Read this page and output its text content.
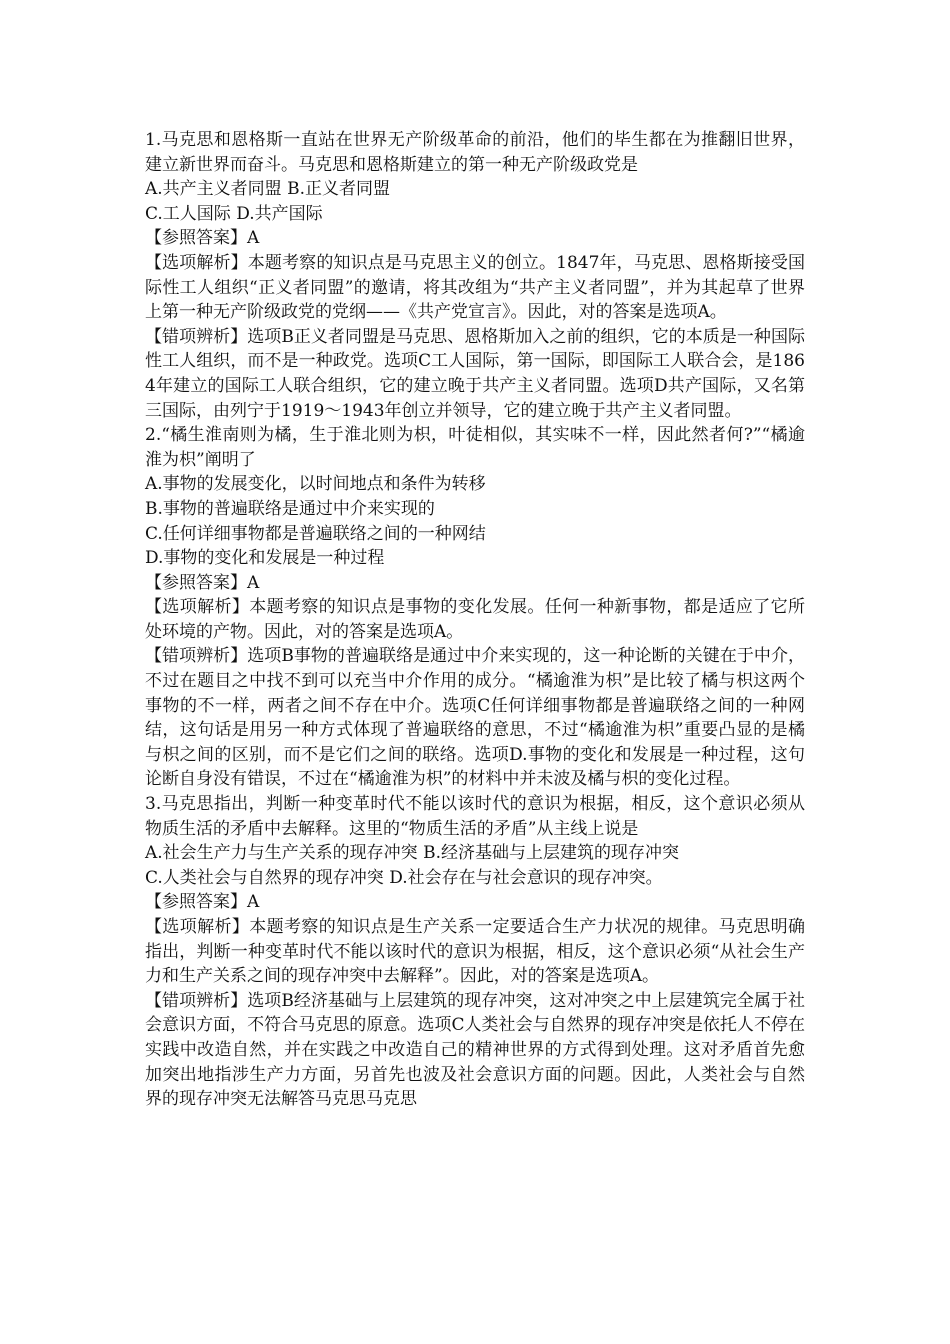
1.马克思和恩格斯一直站在世界无产阶级革命的前沿，他们的毕生都在为推翻旧世界，建立新世界而奋斗。马克思和恩格斯建立的第一种无产阶级政党是

A.共产主义者同盟 B.正义者同盟

C.工人国际 D.共产国际

【参照答案】A

【选项解析】本题考察的知识点是马克思主义的创立。1847年，马克思、恩格斯接受国际性工人组织“正义者同盟”的邀请，将其改组为“共产主义者同盟”，并为其起草了世界上第一种无产阶级政党的党纲——《共产党宣言》。因此，对的答案是选项A。

【错项辨析】选项B正义者同盟是马克思、恩格斯加入之前的组织，它的本质是一种国际性工人组织，而不是一种政党。选项C工人国际，第一国际，即国际工人联合会，是1864年建立的国际工人联合组织，它的建立晚于共产主义者同盟。选项D共产国际，又名第三国际，由列宁于1919～1943年创立并领导，它的建立晚于共产主义者同盟。

2.“橘生淮南则为橘，生于淮北则为枳，叶徒相似，其实味不一样，因此然者何?”“橘逾淮为枳”阐明了

A.事物的发展变化，以时间地点和条件为转移

B.事物的普遍联络是通过中介来实现的

C.任何详细事物都是普遍联络之间的一种网结

D.事物的变化和发展是一种过程

【参照答案】A

【选项解析】本题考察的知识点是事物的变化发展。任何一种新事物，都是适应了它所处环境的产物。因此，对的答案是选项A。

【错项辨析】选项B事物的普遍联络是通过中介来实现的，这一种论断的关键在于中介，不过在题目之中找不到可以充当中介作用的成分。“橘逾淮为枳”是比较了橘与枳这两个事物的不一样，两者之间不存在中介。选项C任何详细事物都是普遍联络之间的一种网结，这句话是用另一种方式体现了普遍联络的意思，不过“橘逾淮为枳”重要凸显的是橘与枳之间的区别，而不是它们之间的联络。选项D.事物的变化和发展是一种过程，这句论断自身没有错误，不过在“橘逾淮为枳”的材料中并未波及橘与枳的变化过程。

3.马克思指出，判断一种变革时代不能以该时代的意识为根据，相反，这个意识必须从物质生活的矛盾中去解释。这里的“物质生活的矛盾”从主线上说是

A.社会生产力与生产关系的现存冲突 B.经济基础与上层建筑的现存冲突

C.人类社会与自然界的现存冲突 D.社会存在与社会意识的现存冲突。

【参照答案】A

【选项解析】本题考察的知识点是生产关系一定要适合生产力状况的规律。马克思明确指出，判断一种变革时代不能以该时代的意识为根据，相反，这个意识必须“从社会生产力和生产关系之间的现存冲突中去解释”。因此，对的答案是选项A。

【错项辨析】选项B经济基础与上层建筑的现存冲突，这对冲突之中上层建筑完全属于社会意识方面，不符合马克思的原意。选项C人类社会与自然界的现存冲突是依托人不停在实践中改造自然，并在实践之中改造自己的精神世界的方式得到处理。这对矛盾首先愈加突出地指涉生产力方面，另首先也波及社会意识方面的问题。因此，人类社会与自然界的现存冲突无法解答马克思马克思
